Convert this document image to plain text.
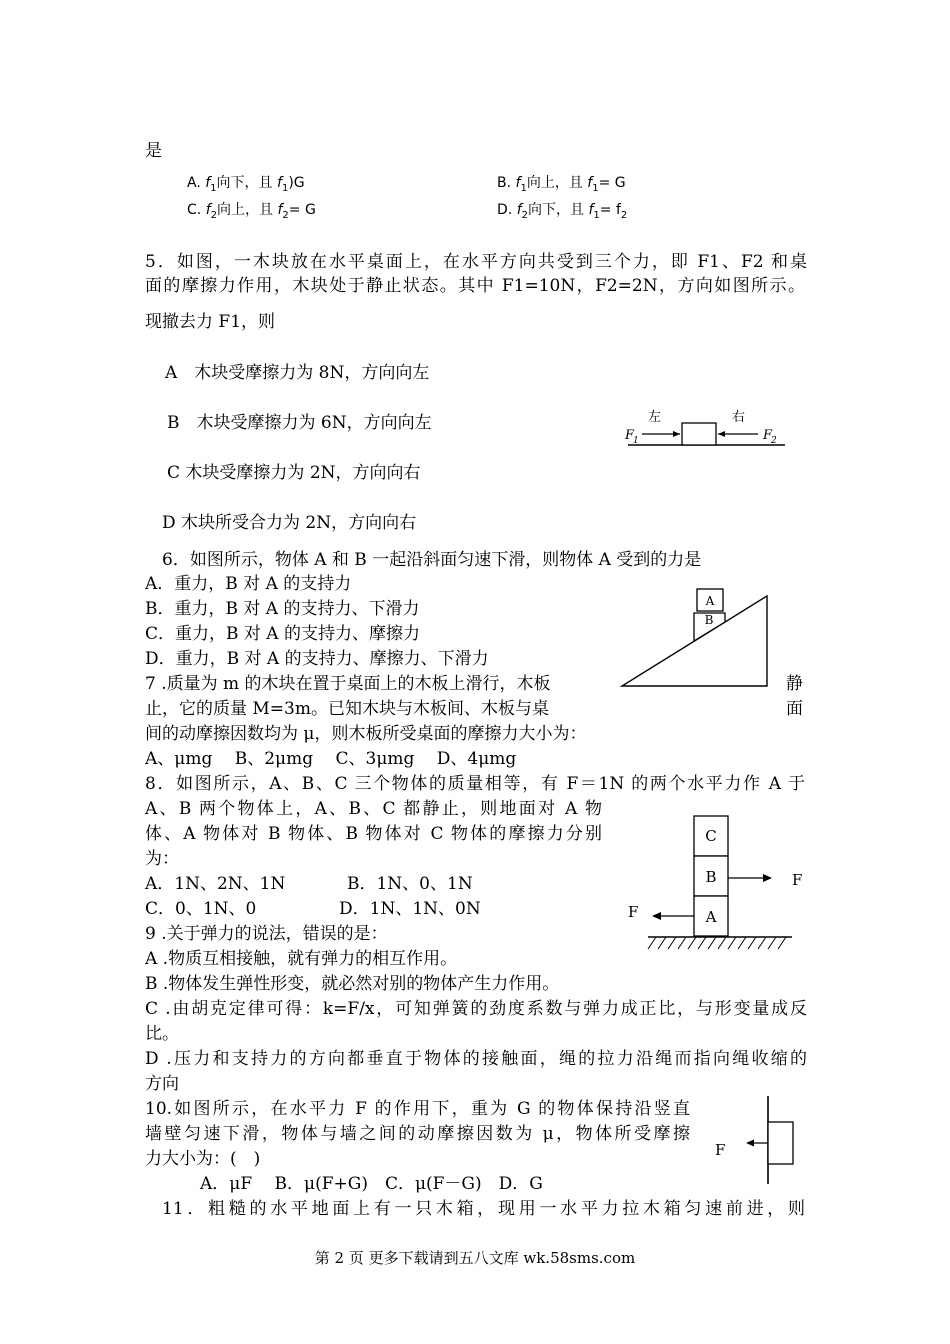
是
A. $f_1$向下，且 $f_1)G$	B. $f_1$向上，且 $f_1= G$
C. $f_2$向上，且 $f_2= G$	D. $f_2$向下，且 $f_1= f_2$
5．如图，一木块放在水平桌面上，在水平方向共受到三个力，即 F1、F2 和桌
面的摩擦力作用，木块处于静止状态。其中 F1=10N，F2=2N，方向如图所示。
现撤去力 F1，则
A　木块受摩擦力为 8N，方向向左
B　木块受摩擦力为 6N，方向向左
C 木块受摩擦力为 2N，方向向右
D 木块所受合力为 2N，方向向右
左	右
F
1	F
2
6．如图所示，物体 A 和 B 一起沿斜面匀速下滑，则物体 A 受到的力是
A．重力，B 对 A 的支持力
B．重力，B 对 A 的支持力、下滑力
C．重力，B 对 A 的支持力、摩擦力
D．重力，B 对 A 的支持力、摩擦力、下滑力
A
B
7 .质量为 m 的木块在置于桌面上的木板上滑行，木板	静
止，它的质量 M=3m。已知木块与木板间、木板与桌	面
间的动摩擦因数均为 μ，则木板所受桌面的摩擦力大小为：
A、μmg　 B、2μmg　 C、3μmg　 D、4μmg
8．如图所示，A、B、C 三个物体的质量相等，有 F＝1N 的两个水平力作 A 于
A、B 两个物体上，A、B、C 都静止，则地面对 A 物
体、A 物体对 B 物体、B 物体对 C 物体的摩擦力分别
为：
A．1N、2N、1N	B．1N、0、1N
C．0、1N、0	D．1N、1N、0N
C
B
A
F
F
9 .关于弹力的说法，错误的是：
A .物质互相接触，就有弹力的相互作用。
B .物体发生弹性形变，就必然对别的物体产生力作用。
C .由胡克定律可得：k=F/x，可知弹簧的劲度系数与弹力成正比，与形变量成反
比。
D .压力和支持力的方向都垂直于物体的接触面，绳的拉力沿绳而指向绳收缩的
方向
10.如图所示，在水平力 F 的作用下，重为 G 的物体保持沿竖直
墙壁匀速下滑，物体与墙之间的动摩擦因数为 μ，物体所受摩擦
力大小为：(　)
A．μF　 B．μ(F+G)　C．μ(F－G)　D．G
F
11．粗糙的水平地面上有一只木箱，现用一水平力拉木箱匀速前进，则
第 2 页 更多下载请到五八文库 wk.58sms.com
